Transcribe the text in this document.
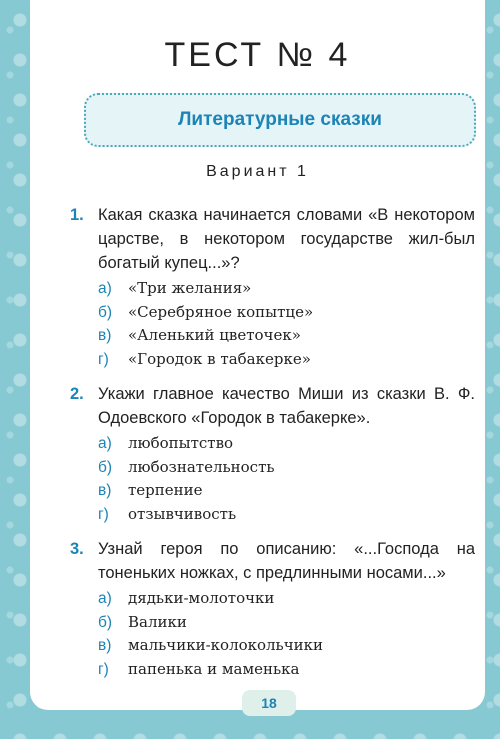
ТЕСТ № 4
Литературные сказки
Вариант 1
1. Какая сказка начинается словами «В некотором царстве, в некотором государстве жил-был богатый купец...»?
а)	«Три желания»
б)	«Серебряное копытце»
в)	«Аленький цветочек»
г)	«Городок в табакерке»
2. Укажи главное качество Миши из сказки В. Ф. Одоевского «Городок в табакерке».
а)	любопытство
б)	любознательность
в)	терпение
г)	отзывчивость
3. Узнай героя по описанию: «...Господа на тоненьких ножках, с предлинными носами...»
а)	дядьки-молоточки
б)	Валики
в)	мальчики-колокольчики
г)	папенька и маменька
18
